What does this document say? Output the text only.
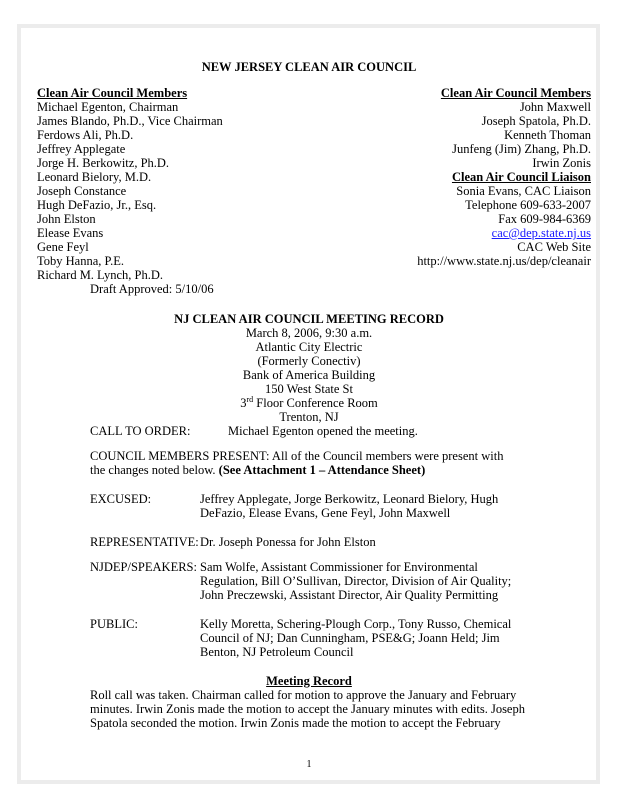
NEW JERSEY CLEAN AIR COUNCIL
Clean Air Council Members
Michael Egenton, Chairman
James Blando, Ph.D., Vice Chairman
Ferdows Ali, Ph.D.
Jeffrey Applegate
Jorge H. Berkowitz, Ph.D.
Leonard Bielory, M.D.
Joseph Constance
Hugh DeFazio, Jr., Esq.
John Elston
Elease Evans
Gene Feyl
Toby Hanna, P.E.
Richard M. Lynch, Ph.D.
Draft Approved: 5/10/06
Clean Air Council Members
John Maxwell
Joseph Spatola, Ph.D.
Kenneth Thoman
Junfeng (Jim) Zhang, Ph.D.
Irwin Zonis
Clean Air Council Liaison
Sonia Evans, CAC Liaison
Telephone 609-633-2007
Fax 609-984-6369
cac@dep.state.nj.us
CAC Web Site
http://www.state.nj.us/dep/cleanair
NJ CLEAN AIR COUNCIL MEETING RECORD
March 8, 2006, 9:30 a.m.
Atlantic City Electric
(Formerly Conectiv)
Bank of America Building
150 West State St
3rd Floor Conference Room
Trenton, NJ
CALL TO ORDER:	Michael Egenton opened the meeting.
COUNCIL MEMBERS PRESENT: All of the Council members were present with the changes noted below. (See Attachment 1 – Attendance Sheet)
EXCUSED:	Jeffrey Applegate, Jorge Berkowitz, Leonard Bielory, Hugh DeFazio, Elease Evans, Gene Feyl, John Maxwell
REPRESENTATIVE: Dr. Joseph Ponessa for John Elston
NJDEP/SPEAKERS: Sam Wolfe, Assistant Commissioner for Environmental Regulation, Bill O’Sullivan, Director, Division of Air Quality; John Preczewski, Assistant Director, Air Quality Permitting
PUBLIC:	Kelly Moretta, Schering-Plough Corp., Tony Russo, Chemical Council of NJ; Dan Cunningham, PSE&G; Joann Held; Jim Benton, NJ Petroleum Council
Meeting Record
Roll call was taken. Chairman called for motion to approve the January and February minutes. Irwin Zonis made the motion to accept the January minutes with edits. Joseph Spatola seconded the motion. Irwin Zonis made the motion to accept the February
1
